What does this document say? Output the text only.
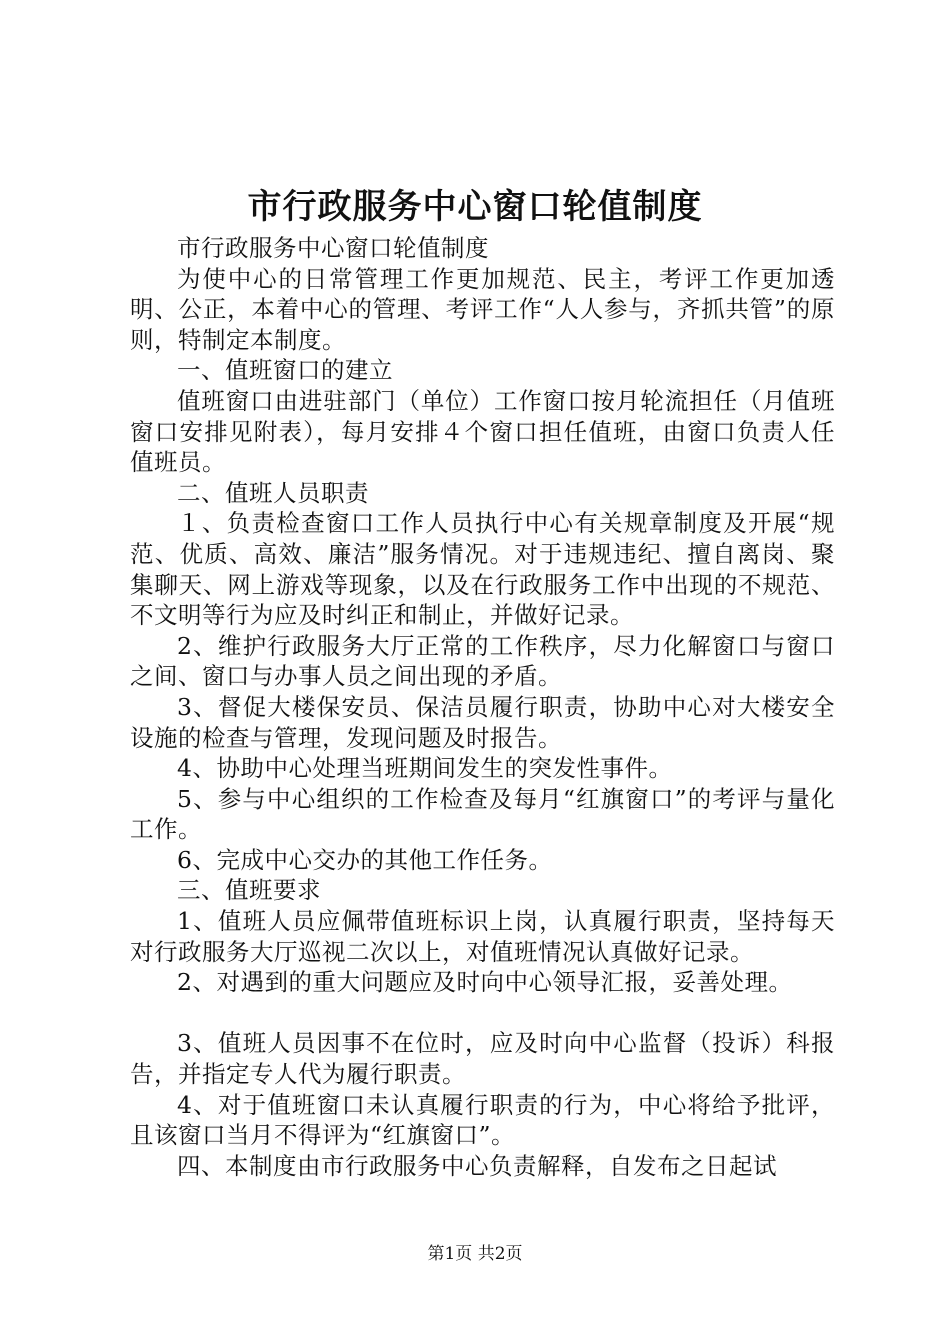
市行政服务中心窗口轮值制度

市行政服务中心窗口轮值制度

为使中心的日常管理工作更加规范、民主，考评工作更加透明、公正，本着中心的管理、考评工作“人人参与，齐抓共管”的原则，特制定本制度。

一、值班窗口的建立

值班窗口由进驻部门（单位）工作窗口按月轮流担任（月值班窗口安排见附表），每月安排４个窗口担任值班，由窗口负责人任值班员。

二、值班人员职责

１、负责检查窗口工作人员执行中心有关规章制度及开展“规范、优质、高效、廉洁”服务情况。对于违规违纪、擅自离岗、聚集聊天、网上游戏等现象，以及在行政服务工作中出现的不规范、不文明等行为应及时纠正和制止，并做好记录。

2、维护行政服务大厅正常的工作秩序，尽力化解窗口与窗口之间、窗口与办事人员之间出现的矛盾。

3、督促大楼保安员、保洁员履行职责，协助中心对大楼安全设施的检查与管理，发现问题及时报告。

4、协助中心处理当班期间发生的突发性事件。

5、参与中心组织的工作检查及每月“红旗窗口”的考评与量化工作。

6、完成中心交办的其他工作任务。

三、值班要求

1、值班人员应佩带值班标识上岗，认真履行职责，坚持每天对行政服务大厅巡视二次以上，对值班情况认真做好记录。

2、对遇到的重大问题应及时向中心领导汇报，妥善处理。

3、值班人员因事不在位时，应及时向中心监督（投诉）科报告，并指定专人代为履行职责。

4、对于值班窗口未认真履行职责的行为，中心将给予批评，且该窗口当月不得评为“红旗窗口”。

四、本制度由市行政服务中心负责解释，自发布之日起试

第1页 共2页
